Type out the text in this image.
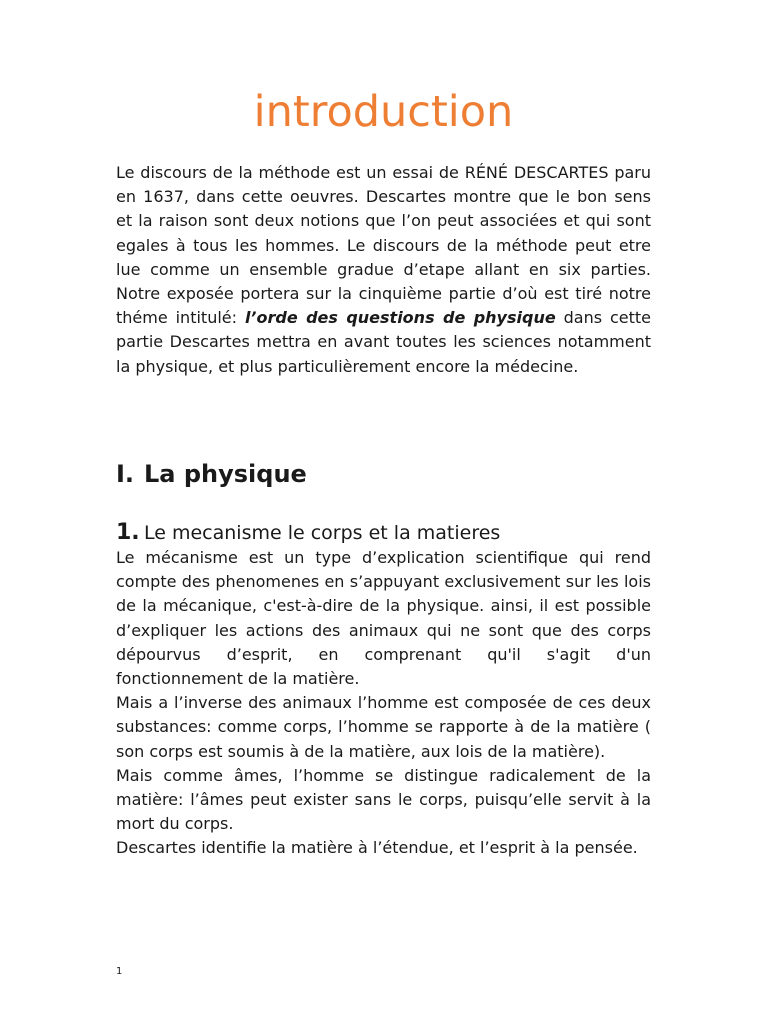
introduction

Le discours de la méthode est un essai de RÉNÉ DESCARTES paru en 1637, dans cette oeuvres. Descartes montre que le bon sens et la raison sont deux notions que l’on peut associées et qui sont egales à tous les hommes. Le discours de la méthode peut etre lue comme un ensemble gradue d’etape allant en six parties. Notre exposée portera sur la cinquième partie d’où est tiré notre théme intitulé: l’orde des questions de physique dans cette partie Descartes mettra en avant toutes les sciences notamment la physique, et plus particulièrement encore la médecine.

I. La physique
1. Le mecanisme le corps et la matieres
Le mécanisme est un type d’explication scientifique qui rend compte des phenomenes en s’appuyant exclusivement sur les lois de la mécanique, c'est-à-dire de la physique. ainsi, il est possible d’expliquer les actions des animaux qui ne sont que des corps dépourvus d’esprit, en comprenant qu'il s'agit d'un fonctionnement de la matière.
Mais a l’inverse des animaux l’homme est composée de ces deux substances: comme corps, l’homme se rapporte à de la matière ( son corps est soumis à de la matière, aux lois de la matière).
Mais comme âmes, l’homme se distingue radicalement de la matière: l’âmes peut exister sans le corps, puisqu’elle servit à la mort du corps.
Descartes identifie la matière à l’étendue, et l’esprit à la pensée.
1
